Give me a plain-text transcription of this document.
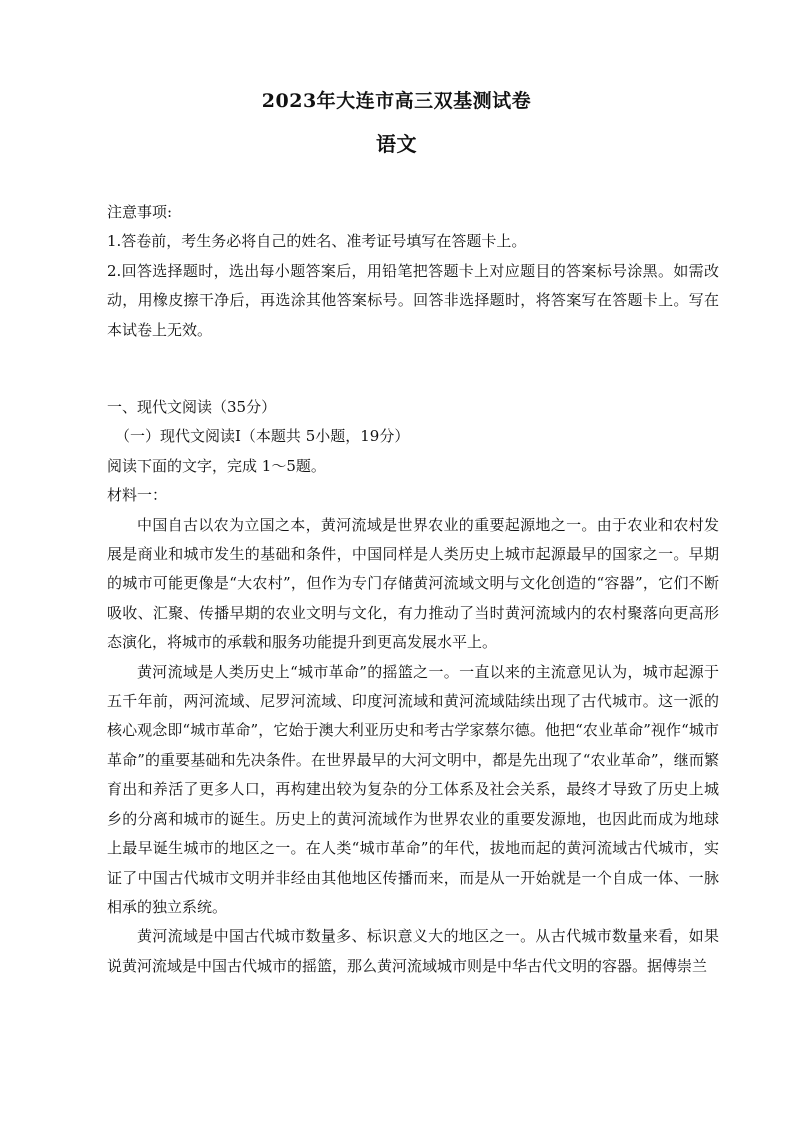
2023年大连市高三双基测试卷
语文

注意事项:

1.答卷前，考生务必将自己的姓名、准考证号填写在答题卡上。

2.回答选择题时，选出每小题答案后，用铅笔把答题卡上对应题目的答案标号涂黑。如需改动，用橡皮擦干净后，再选涂其他答案标号。回答非选择题时，将答案写在答题卡上。写在本试卷上无效。

一、现代文阅读（35分）

（一）现代文阅读Ⅰ（本题共 5小题，19分）

阅读下面的文字，完成 1～5题。

材料一：

中国自古以农为立国之本，黄河流域是世界农业的重要起源地之一。由于农业和农村发展是商业和城市发生的基础和条件，中国同样是人类历史上城市起源最早的国家之一。早期的城市可能更像是“大农村”，但作为专门存储黄河流域文明与文化创造的“容器”，它们不断吸收、汇聚、传播早期的农业文明与文化，有力推动了当时黄河流域内的农村聚落向更高形态演化，将城市的承载和服务功能提升到更高发展水平上。

黄河流域是人类历史上“城市革命”的摇篮之一。一直以来的主流意见认为，城市起源于五千年前，两河流域、尼罗河流域、印度河流域和黄河流域陆续出现了古代城市。这一派的核心观念即“城市革命”，它始于澳大利亚历史和考古学家蔡尔德。他把“农业革命”视作“城市革命”的重要基础和先决条件。在世界最早的大河文明中，都是先出现了“农业革命”，继而繁育出和养活了更多人口，再构建出较为复杂的分工体系及社会关系，最终才导致了历史上城乡的分离和城市的诞生。历史上的黄河流域作为世界农业的重要发源地，也因此而成为地球上最早诞生城市的地区之一。在人类“城市革命”的年代，拔地而起的黄河流域古代城市，实证了中国古代城市文明并非经由其他地区传播而来，而是从一开始就是一个自成一体、一脉相承的独立系统。

黄河流域是中国古代城市数量多、标识意义大的地区之一。从古代城市数量来看，如果说黄河流域是中国古代城市的摇篮，那么黄河流域城市则是中华古代文明的容器。据傅崇兰
